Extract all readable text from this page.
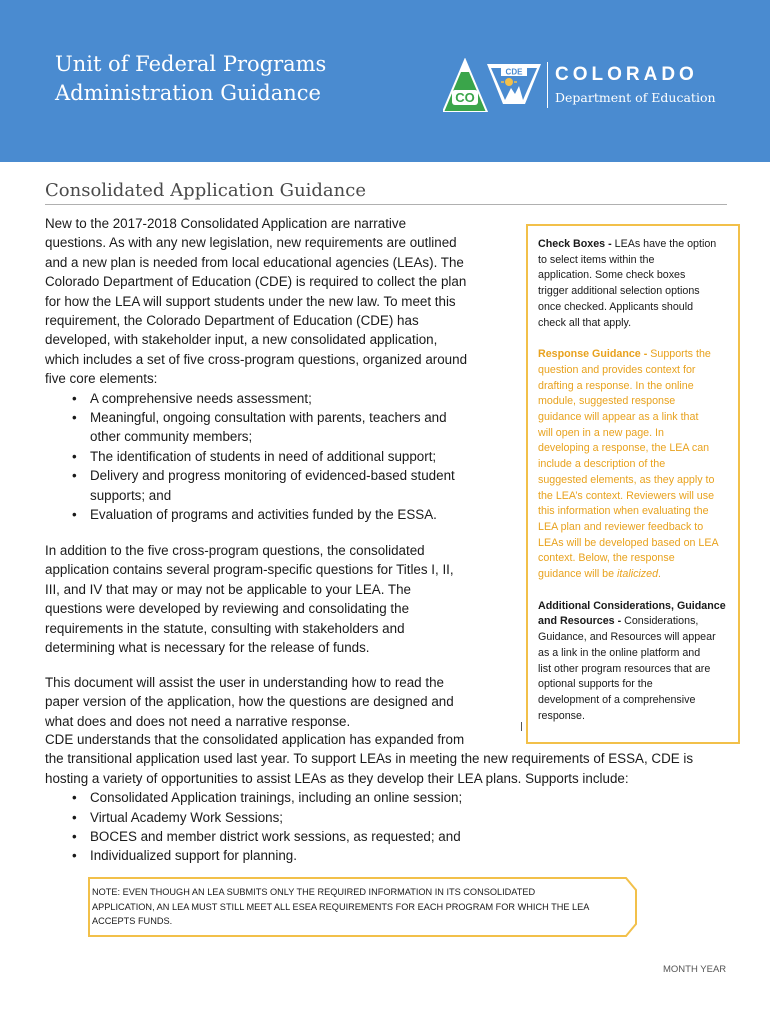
Unit of Federal Programs
Administration Guidance	CO
CDE COLORADO
Department of Education
Consolidated Application Guidance
New to the 2017-2018 Consolidated Application are narrative
questions. As with any new legislation, new requirements are outlined
and a new plan is needed from local educational agencies (LEAs). The
Colorado Department of Education (CDE) is required to collect the plan
for how the LEA will support students under the new law. To meet this
requirement, the Colorado Department of Education (CDE) has
developed, with stakeholder input, a new consolidated application,
which includes a set of five cross-program questions, organized around
five core elements:
• A comprehensive needs assessment;
• Meaningful, ongoing consultation with parents, teachers and
other community members;
• The identification of students in need of additional support;
• Delivery and progress monitoring of evidenced-based student
supports; and
• Evaluation of programs and activities funded by the ESSA.
In addition to the five cross-program questions, the consolidated
application contains several program-specific questions for Titles I, II,
III, and IV that may or may not be applicable to your LEA. The
questions were developed by reviewing and consolidating the
requirements in the statute, consulting with stakeholders and
determining what is necessary for the release of funds.
This document will assist the user in understanding how to read the
paper version of the application, how the questions are designed and
what does and does not need a narrative response.
CDE understands that the consolidated application has expanded from
the transitional application used last year. To support LEAs in meeting the new requirements of ESSA, CDE is
hosting a variety of opportunities to assist LEAs as they develop their LEA plans. Supports include:
• Consolidated Application trainings, including an online session;
• Virtual Academy Work Sessions;
• BOCES and member district work sessions, as requested; and
• Individualized support for planning.

Check Boxes - LEAs have the option
to select items within the
application. Some check boxes
trigger additional selection options
once checked. Applicants should
check all that apply.

Response Guidance - Supports the
question and provides context for
drafting a response. In the online
module, suggested response
guidance will appear as a link that
will open in a new page. In
developing a response, the LEA can
include a description of the
suggested elements, as they apply to
the LEA’s context. Reviewers will use
this information when evaluating the
LEA plan and reviewer feedback to
LEAs will be developed based on LEA
context. Below, the response
guidance will be italicized.

Additional Considerations, Guidance
and Resources - Considerations,
Guidance, and Resources will appear
as a link in the online platform and
list other program resources that are
optional supports for the
development of a comprehensive
response.

NOTE: EVEN THOUGH AN LEA SUBMITS ONLY THE REQUIRED INFORMATION IN ITS CONSOLIDATED
APPLICATION, AN LEA MUST STILL MEET ALL ESEA REQUIREMENTS FOR EACH PROGRAM FOR WHICH THE LEA
ACCEPTS FUNDS.
MONTH YEAR
